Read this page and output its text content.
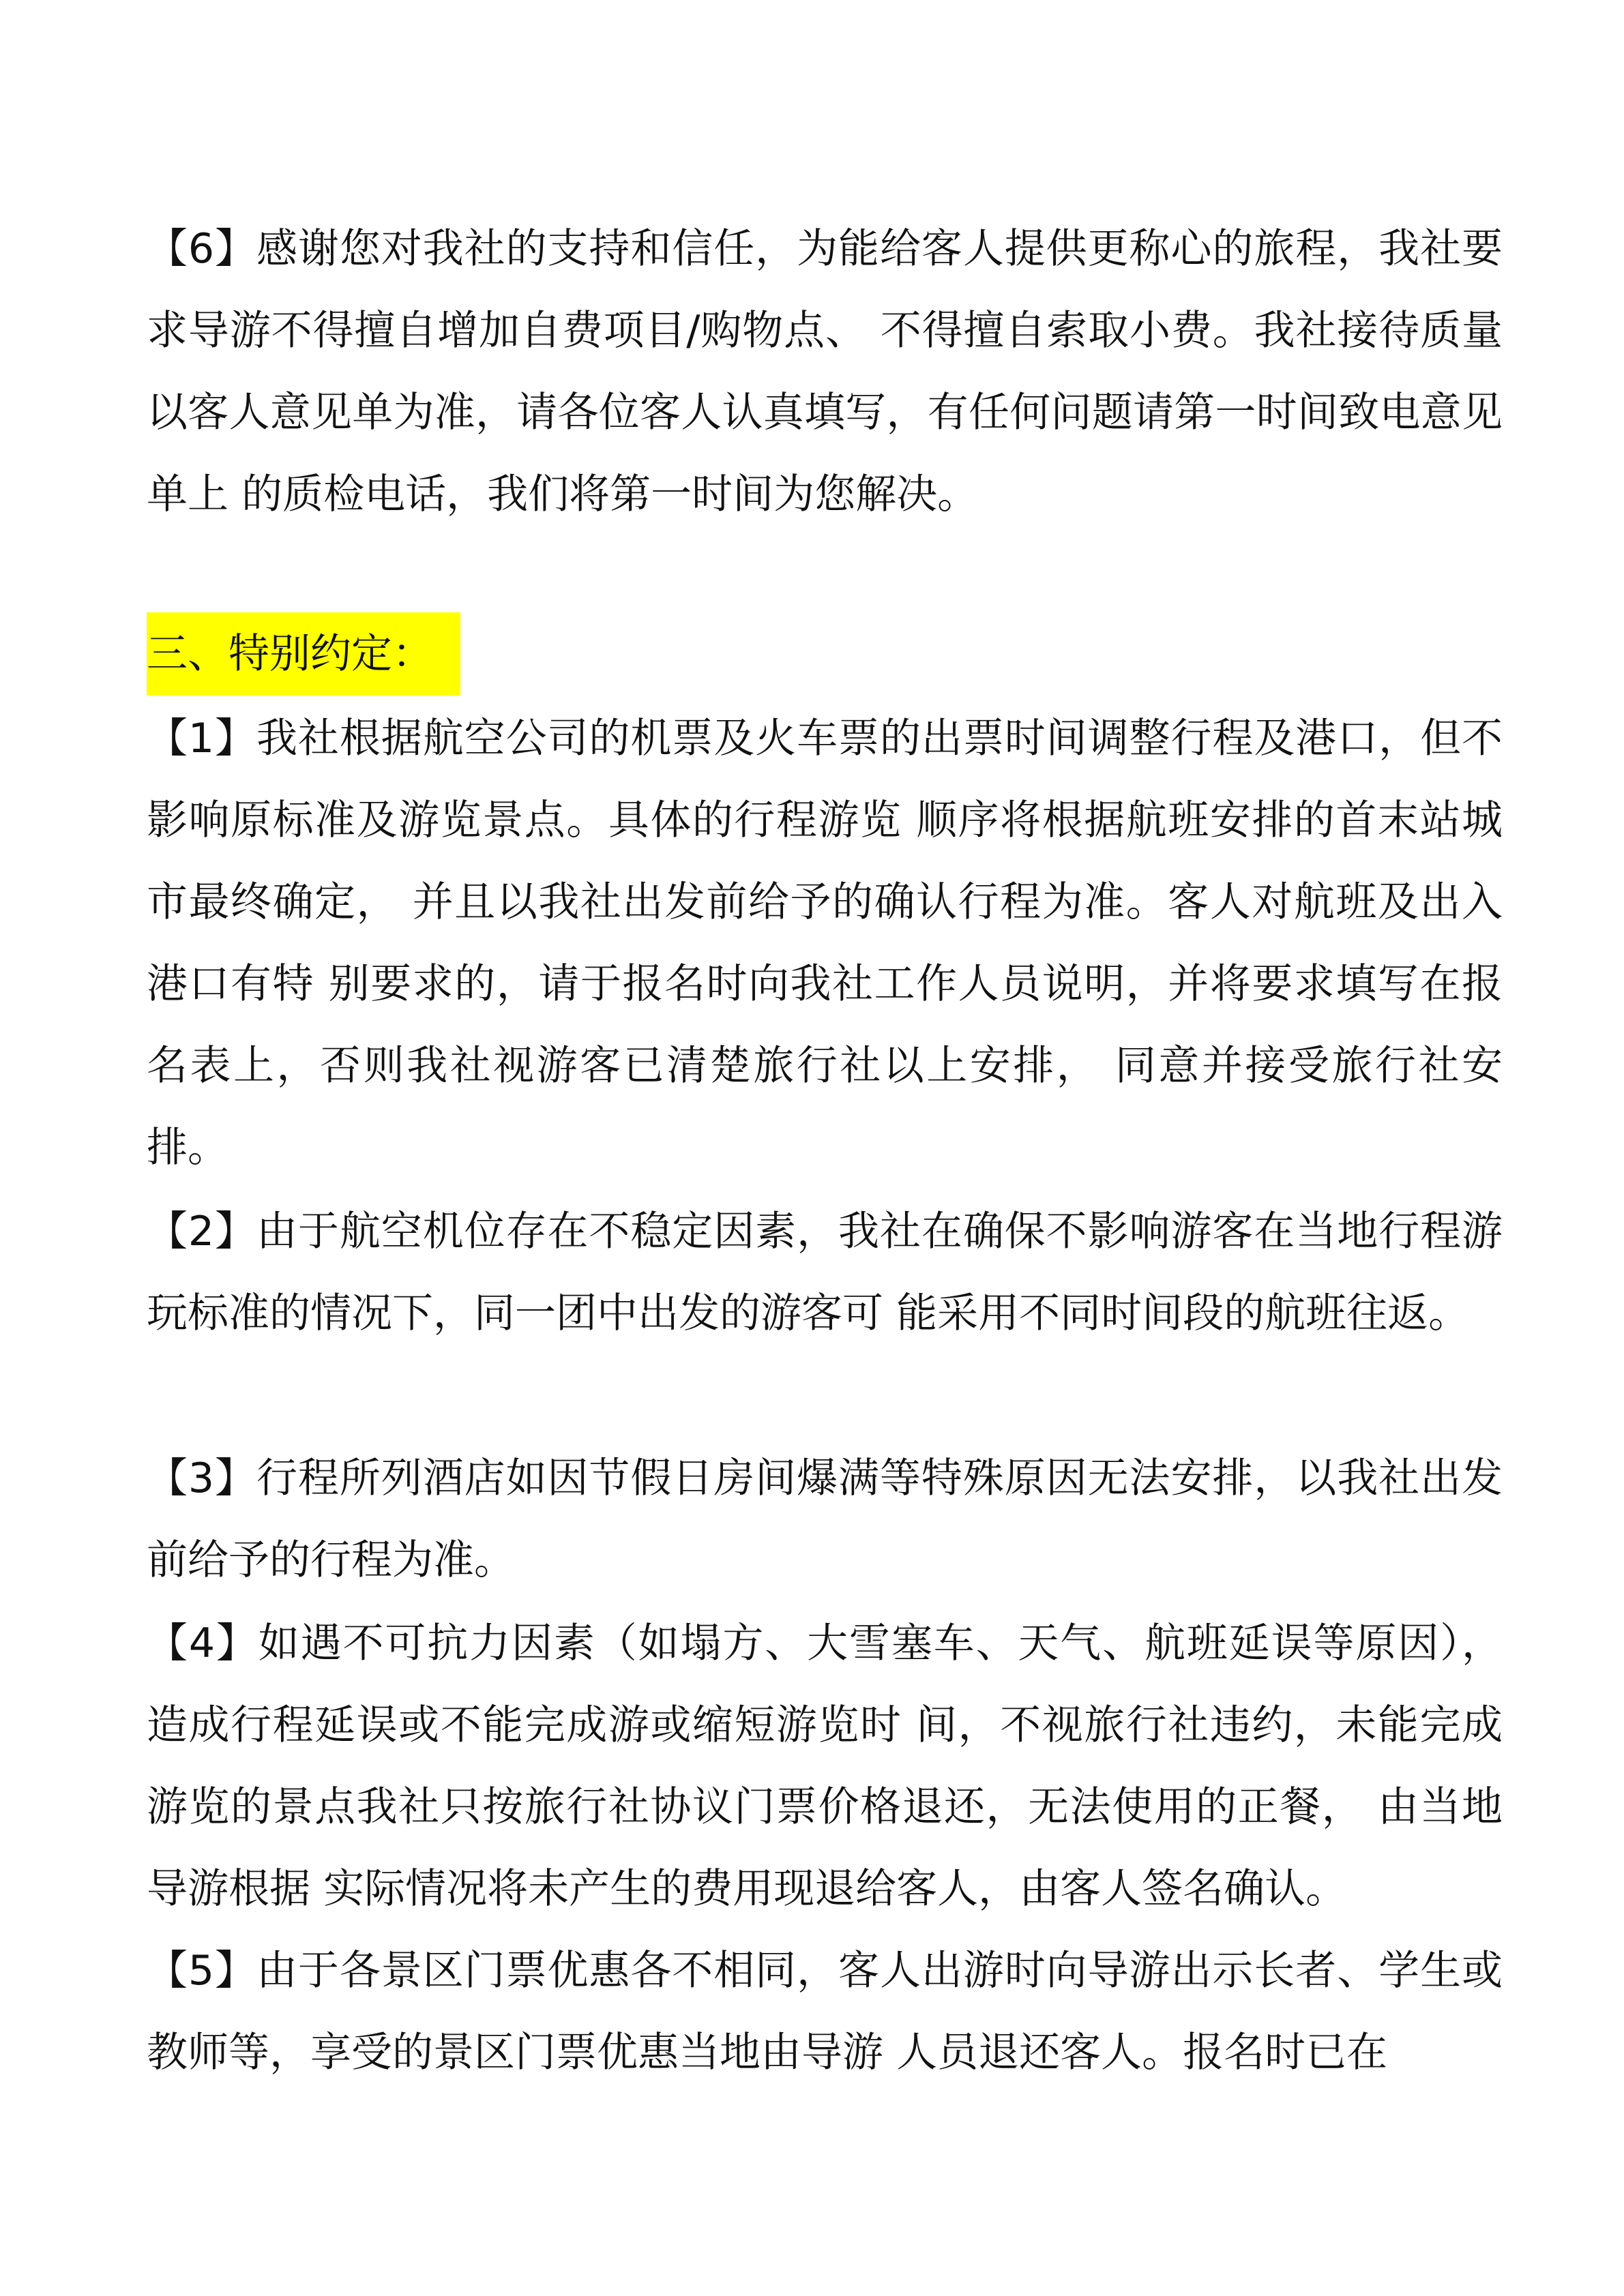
【6】感谢您对我社的支持和信任，为能给客人提供更称心的旅程，我社要求导游不得擅自增加自费项目/购物点、 不得擅自索取小费。我社接待质量以客人意见单为准，请各位客人认真填写，有任何问题请第一时间致电意见单上 的质检电话，我们将第一时间为您解决。
三、特别约定：
【1】我社根据航空公司的机票及火车票的出票时间调整行程及港口，但不影响原标准及游览景点。具体的行程游览 顺序将根据航班安排的首末站城市最终确定， 并且以我社出发前给予的确认行程为准。客人对航班及出入港口有特 别要求的，请于报名时向我社工作人员说明，并将要求填写在报名表上，否则我社视游客已清楚旅行社以上安排， 同意并接受旅行社安排。
【2】由于航空机位存在不稳定因素，我社在确保不影响游客在当地行程游玩标准的情况下，同一团中出发的游客可 能采用不同时间段的航班往返。
【3】行程所列酒店如因节假日房间爆满等特殊原因无法安排，以我社出发前给予的行程为准。
【4】如遇不可抗力因素（如塌方、大雪塞车、天气、航班延误等原因），造成行程延误或不能完成游或缩短游览时 间，不视旅行社违约，未能完成游览的景点我社只按旅行社协议门票价格退还，无法使用的正餐， 由当地导游根据 实际情况将未产生的费用现退给客人，由客人签名确认。
【5】由于各景区门票优惠各不相同，客人出游时向导游出示长者、学生或教师等，享受的景区门票优惠当地由导游 人员退还客人。报名时已在
